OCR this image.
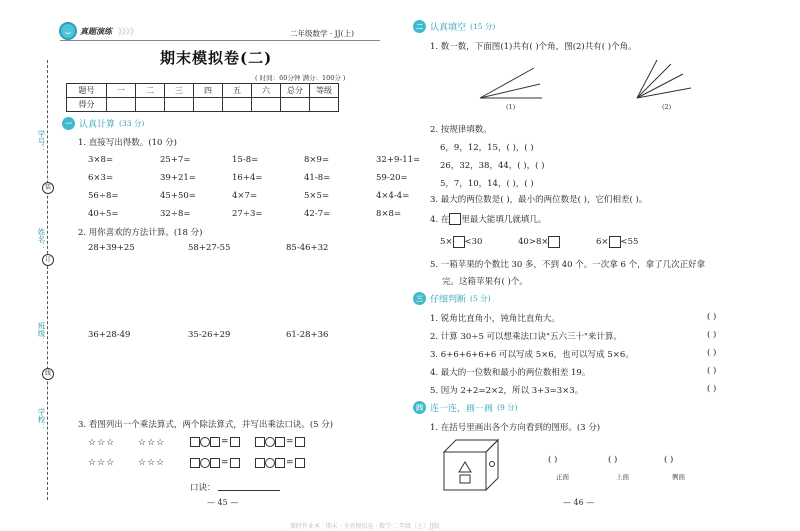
学号：
姓名：
班级：
学校：
装
订
线
真题演练 》》》》	二年级数学 · JJ(上)
期末模拟卷(二)
( 时间：60分钟 满分：100分 )
题号	一	二	三	四	五	六	总分	等级
得分								
一 认真计算 (33 分)
1. 直接写出得数。(10 分)
3×8=	25+7=	15-8=	8×9=	32+9-11=
6×3=	39+21=	16+4=	41-8=	59-20=
56÷8=	45+50=	4×7=	5×5=	4×4-4=
40÷5=	32÷8=	27÷3=	42-7=	8×8=
2. 用你喜欢的方法计算。(18 分)
28+39+25	58+27-55	85-46+32
36+28-49	35-26+29	61-28+36
3. 看图列出一个乘法算式，两个除法算式，并写出乘法口诀。(5 分)
☆☆☆	☆☆☆
☆☆☆	☆☆☆
=	=
=	=
口诀：
— 45 —
二 认真填空 (15 分)
1. 数一数，下面图(1)共有( )个角，图(2)共有( )个角。
(1)	(2)
2. 按规律填数。
6，9，12，15，( )，( )
26，32，38，44，( )，( )
5，7，10，14，( )，( )
3. 最大的两位数是( )，最小的两位数是( )，它们相差( )。
4. 在 里最大能填几就填几。
5× <30	40>8×	6× <55
5. 一箱苹果的个数比 30 多，不到 40 个。一次拿 6 个，拿了几次正好拿
完。这箱苹果有( )个。
三 仔细判断 (5 分)
1. 锐角比直角小，钝角比直角大。	( )
2. 计算 30÷5 可以想乘法口诀"五六三十"来计算。	( )
3. 6+6+6+6+6 可以写成 5×6，也可以写成 5×6。	( )
4. 最大的一位数和最小的两位数相差 19。	( )
5. 因为 2+2=2×2，所以 3+3=3×3。	( )
四 连一连，画一画 (9 分)
1. 在括号里画出各个方向看到的图形。(3 分)
( )
正面
( )
上面
( )
侧面
— 46 —
课时作业本 · 期末 · 全真模拟卷 · 数学·二年级（上）JJ版
